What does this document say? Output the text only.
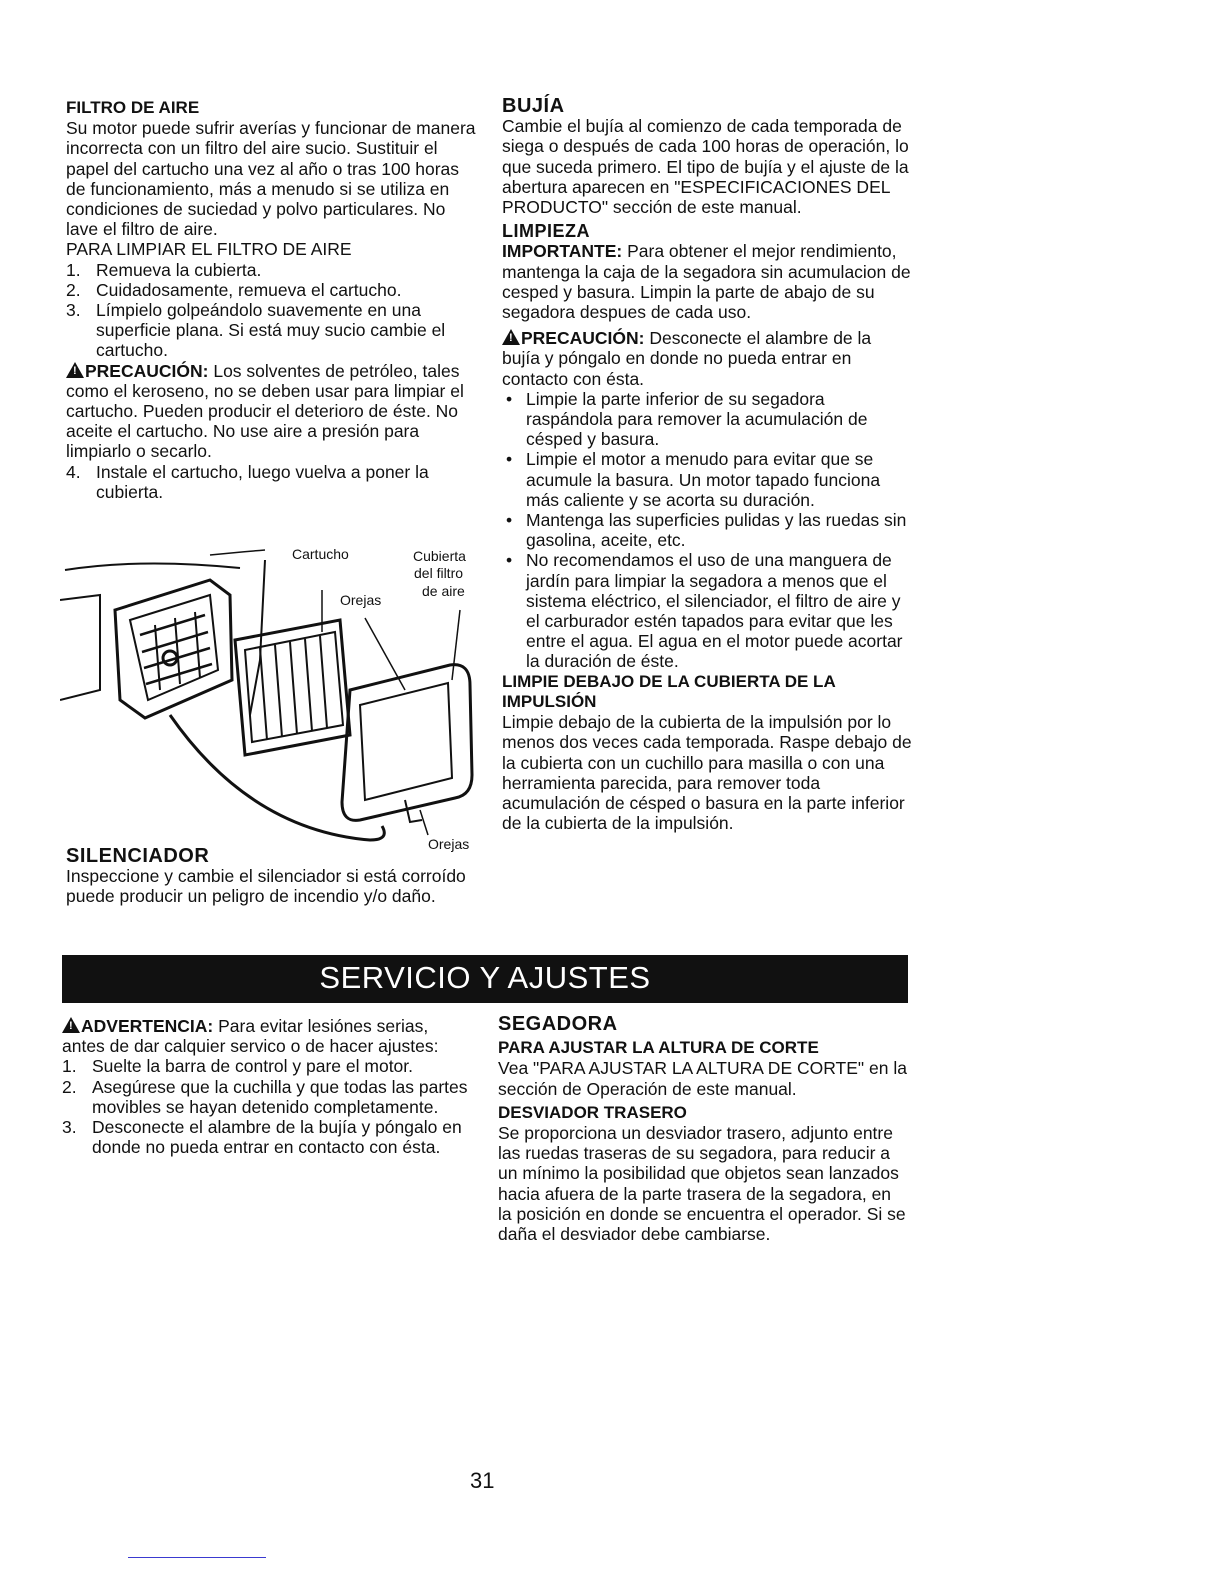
FILTRO DE AIRE

Su motor puede sufrir averías y funcionar de manera incorrecta con un filtro del aire sucio. Sustituir el papel del cartucho una vez al año o tras 100 horas de funcionamiento, más a menudo si se utiliza en condiciones de suciedad y polvo particulares. No lave el filtro de aire.

PARA LIMPIAR EL FILTRO DE AIRE

1. Remueva la cubierta.
2. Cuidadosamente, remueva el cartucho.
3. Límpielo golpeándolo suavemente en una superficie plana. Si está muy sucio cambie el cartucho.

!PRECAUCIÓN: Los solventes de petróleo, tales como el keroseno, no se deben usar para limpiar el cartucho. Pueden producir el deterioro de éste. No aceite el cartucho. No use aire a presión para limpiarlo o secarlo.

4. Instale el cartucho, luego vuelva a poner la cubierta.
Cartucho	Cubierta
del filtro
de aire
Orejas
Orejas

SILENCIADOR

Inspeccione y cambie el silenciador si está corroído puede producir un peligro de incendio y/o daño.

BUJÍA

Cambie el bujía al comienzo de cada temporada de siega o después de cada 100 horas de operación, lo que suceda primero. El tipo de bujía y el ajuste de la abertura aparecen en "ESPECIFICACIONES DEL PRODUCTO" sección de este manual.

LIMPIEZA

IMPORTANTE: Para obtener el mejor rendimiento, mantenga la caja de la segadora sin acumulacion de cesped y basura. Limpin la parte de abajo de su segadora despues de cada uso.

!PRECAUCIÓN: Desconecte el alambre de la bujía y póngalo en donde no pueda entrar en contacto con ésta.

• Limpie la parte inferior de su segadora raspándola para remover la acumulación de césped y basura.
• Limpie el motor a menudo para evitar que se acumule la basura. Un motor tapado funciona más caliente y se acorta su duración.
• Mantenga las superficies pulidas y las ruedas sin gasolina, aceite, etc.
• No recomendamos el uso de una manguera de jardín para limpiar la segadora a menos que el sistema eléctrico, el silenciador, el filtro de aire y el carburador estén tapados para evitar que les entre el agua. El agua en el motor puede acortar la duración de éste.

LIMPIE DEBAJO DE LA CUBIERTA DE LA IMPULSIÓN

Limpie debajo de la cubierta de la impulsión por lo menos dos veces cada temporada. Raspe debajo de la cubierta con un cuchillo para masilla o con una herramienta parecida, para remover toda acumulación de césped o basura en la parte inferior de la cubierta de la impulsión.

SERVICIO Y AJUSTES

!ADVERTENCIA: Para evitar lesiónes serias, antes de dar calquier servico o de hacer ajustes:

1. Suelte la barra de control y pare el motor.
2. Asegúrese que la cuchilla y que todas las partes movibles se hayan detenido completamente.
3. Desconecte el alambre de la bujía y póngalo en donde no pueda entrar en contacto con ésta.

SEGADORA

PARA AJUSTAR LA ALTURA DE CORTE

Vea "PARA AJUSTAR LA ALTURA DE CORTE" en la sección de Operación de este manual.

DESVIADOR TRASERO

Se proporciona un desviador trasero, adjunto entre las ruedas traseras de su segadora, para reducir a un mínimo la posibilidad que objetos sean lanzados hacia afuera de la parte trasera de la segadora, en la posición en donde se encuentra el operador. Si se daña el desviador debe cambiarse.

31
